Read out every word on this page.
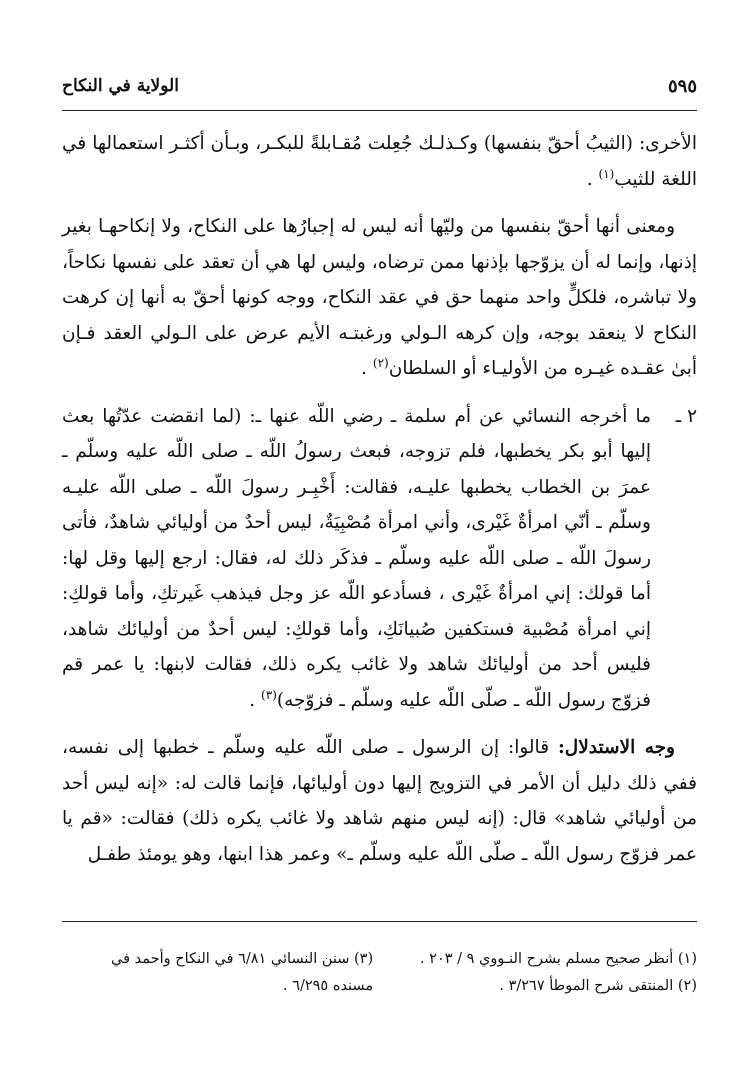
٥٩٥
الولاية في النكاح

الأخرى: (الثيبُ أحقّ بنفسها) وكـذلـك جُعِلت مُقـابلةً للبكـر، وبـأن أكثـر استعمالها في اللغة للثيب$^{(١)}$ .

ومعنى أنها أحقّ بنفسها من وليّها أنه ليس له إجبارُها على النكاح، ولا إنكاحهـا بغير إذنها، وإنما له أن يزوّجها بإذنها ممن ترضاه، وليس لها هي أن تعقد على نفسها نكاحاً، ولا تباشره، فلكلٍّ واحد منهما حق في عقد النكاح، ووجه كونها أحقّ به أنها إن كرهت النكاح لا ينعقد بوجه، وإن كرهه الـولي ورغبتـه الأيم عرض على الـولي العقد فـإن أبىٰ عقـده غيـره من الأوليـاء أو السلطان$^{(٢)}$ .

٢ ـ
ما أخرجه النسائي عن أم سلمة ـ رضي اللّه عنها ـ: (لما انقضت عدّتُها بعث إليها أبو بكر يخطبها، فلم تزوجه، فبعث رسولُ اللّه ـ صلى اللّه عليه وسلّم ـ عمرَ بن الخطاب يخطبها عليـه، فقالت: أَخْبِـر رسولَ اللّه ـ صلى اللّه عليـه وسلّم ـ أنّي امرأةٌ غَيْرى، وأني امرأة مُصْبِيَةٌ، ليس أحدٌ من أوليائي شاهدٌ، فأتى رسولَ اللّه ـ صلى اللّه عليه وسلّم ـ فذكَر ذلك له، فقال: ارجع إليها وقل لها: أما قولك: إني امرأةٌ غَيْرى ، فسأدعو اللّه عز وجل فيذهب غَيرتكِ، وأما قولكِ: إني امرأة مُصْبية فستكفين صُبيانَكِ، وأما قولكِ: ليس أحدٌ من أوليائك شاهد، فليس أحد من أوليائك شاهد ولا غائب يكره ذلك، فقالت لابنها: يا عمر قم فزوّج رسول اللّه ـ صلّى اللّه عليه وسلّم ـ فزوّجه)$^{(٣)}$ .

وجه الاستدلال: قالوا: إن الرسول ـ صلى اللّه عليه وسلّم ـ خطبها إلى نفسه، ففي ذلك دليل أن الأمر في التزويج إليها دون أوليائها، فإنما قالت له: «إنه ليس أحد من أوليائي شاهد» قال: (إنه ليس منهم شاهد ولا غائب يكره ذلك) فقالت: «قم يا عمر فزوّج رسول اللّه ـ صلّى اللّه عليه وسلّم ـ» وعمر هذا ابنها، وهو يومئذ طفـل

(١) أنظر صحيح مسلم بشرح النـووي ٩ / ٢٠٣ .

(٢) المنتقى شرح الموطأ ٣/٢٦٧ .

(٣) سنن النسائي ٦/٨١ في النكاح وأحمد في

مسنده ٦/٢٩٥ .
